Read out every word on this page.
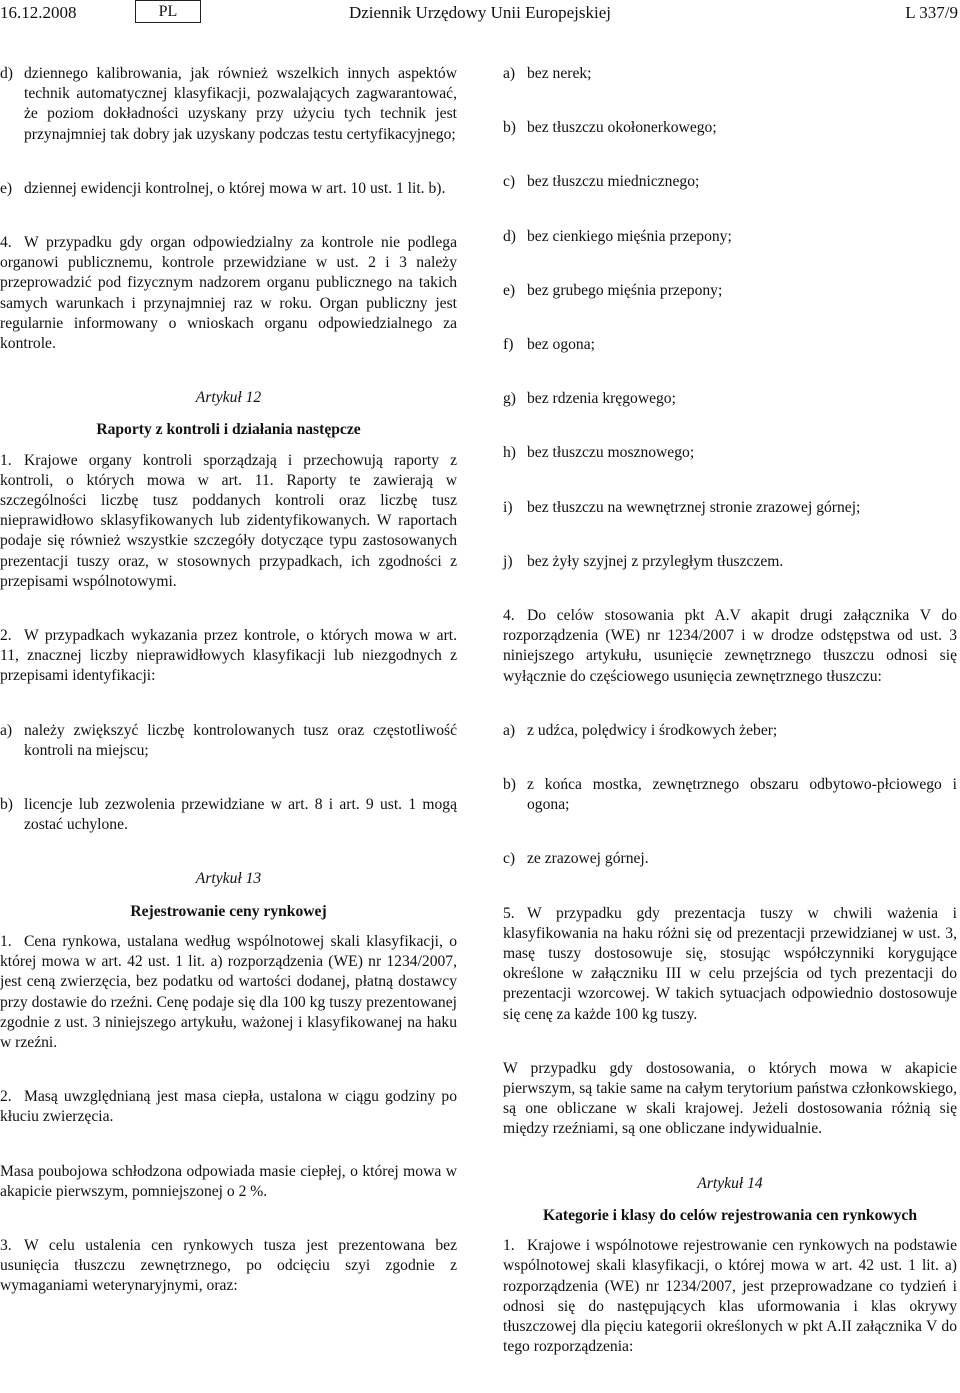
16.12.2008	PL	Dziennik Urzędowy Unii Europejskiej	L 337/9
d) dziennego kalibrowania, jak również wszelkich innych aspektów technik automatycznej klasyfikacji, pozwalających zagwarantować, że poziom dokładności uzyskany przy użyciu tych technik jest przynajmniej tak dobry jak uzyskany podczas testu certyfikacyjnego;
e) dziennej ewidencji kontrolnej, o której mowa w art. 10 ust. 1 lit. b).

4. W przypadku gdy organ odpowiedzialny za kontrole nie podlega organowi publicznemu, kontrole przewidziane w ust. 2 i 3 należy przeprowadzić pod fizycznym nadzorem organu publicznego na takich samych warunkach i przynajmniej raz w roku. Organ publiczny jest regularnie informowany o wnioskach organu odpowiedzialnego za kontrole.

Artykuł 12
Raporty z kontroli i działania następcze

1. Krajowe organy kontroli sporządzają i przechowują raporty z kontroli, o których mowa w art. 11. Raporty te zawierają w szczególności liczbę tusz poddanych kontroli oraz liczbę tusz nieprawidłowo sklasyfikowanych lub zidentyfikowanych. W raportach podaje się również wszystkie szczegóły dotyczące typu zastosowanych prezentacji tuszy oraz, w stosownych przypadkach, ich zgodności z przepisami wspólnotowymi.

2. W przypadkach wykazania przez kontrole, o których mowa w art. 11, znacznej liczby nieprawidłowych klasyfikacji lub niezgodnych z przepisami identyfikacji:

a) należy zwiększyć liczbę kontrolowanych tusz oraz częstotliwość kontroli na miejscu;
b) licencje lub zezwolenia przewidziane w art. 8 i art. 9 ust. 1 mogą zostać uchylone.
Artykuł 13
Rejestrowanie ceny rynkowej

1. Cena rynkowa, ustalana według wspólnotowej skali klasyfikacji, o której mowa w art. 42 ust. 1 lit. a) rozporządzenia (WE) nr 1234/2007, jest ceną zwierzęcia, bez podatku od wartości dodanej, płatną dostawcy przy dostawie do rzeźni. Cenę podaje się dla 100 kg tuszy prezentowanej zgodnie z ust. 3 niniejszego artykułu, ważonej i klasyfikowanej na haku w rzeźni.

2. Masą uwzględnianą jest masa ciepła, ustalona w ciągu godziny po kłuciu zwierzęcia.

Masa poubojowa schłodzona odpowiada masie ciepłej, o której mowa w akapicie pierwszym, pomniejszonej o 2 %.

3. W celu ustalenia cen rynkowych tusza jest prezentowana bez usunięcia tłuszczu zewnętrznego, po odcięciu szyi zgodnie z wymaganiami weterynaryjnymi, oraz:

a) bez nerek;
b) bez tłuszczu okołonerkowego;
c) bez tłuszczu miednicznego;
d) bez cienkiego mięśnia przepony;
e) bez grubego mięśnia przepony;
f) bez ogona;
g) bez rdzenia kręgowego;
h) bez tłuszczu mosznowego;
i) bez tłuszczu na wewnętrznej stronie zrazowej górnej;
j) bez żyły szyjnej z przyległym tłuszczem.

4. Do celów stosowania pkt A.V akapit drugi załącznika V do rozporządzenia (WE) nr 1234/2007 i w drodze odstępstwa od ust. 3 niniejszego artykułu, usunięcie zewnętrznego tłuszczu odnosi się wyłącznie do częściowego usunięcia zewnętrznego tłuszczu:

a) z udźca, polędwicy i środkowych żeber;
b) z końca mostka, zewnętrznego obszaru odbytowo-płciowego i ogona;
c) ze zrazowej górnej.

5. W przypadku gdy prezentacja tuszy w chwili ważenia i klasyfikowania na haku różni się od prezentacji przewidzianej w ust. 3, masę tuszy dostosowuje się, stosując współczynniki korygujące określone w załączniku III w celu przejścia od tych prezentacji do prezentacji wzorcowej. W takich sytuacjach odpowiednio dostosowuje się cenę za każde 100 kg tuszy.

W przypadku gdy dostosowania, o których mowa w akapicie pierwszym, są takie same na całym terytorium państwa członkowskiego, są one obliczane w skali krajowej. Jeżeli dostosowania różnią się między rzeźniami, są one obliczane indywidualnie.

Artykuł 14
Kategorie i klasy do celów rejestrowania cen rynkowych

1. Krajowe i wspólnotowe rejestrowanie cen rynkowych na podstawie wspólnotowej skali klasyfikacji, o której mowa w art. 42 ust. 1 lit. a) rozporządzenia (WE) nr 1234/2007, jest przeprowadzane co tydzień i odnosi się do następujących klas uformowania i klas okrywy tłuszczowej dla pięciu kategorii określonych w pkt A.II załącznika V do tego rozporządzenia:
